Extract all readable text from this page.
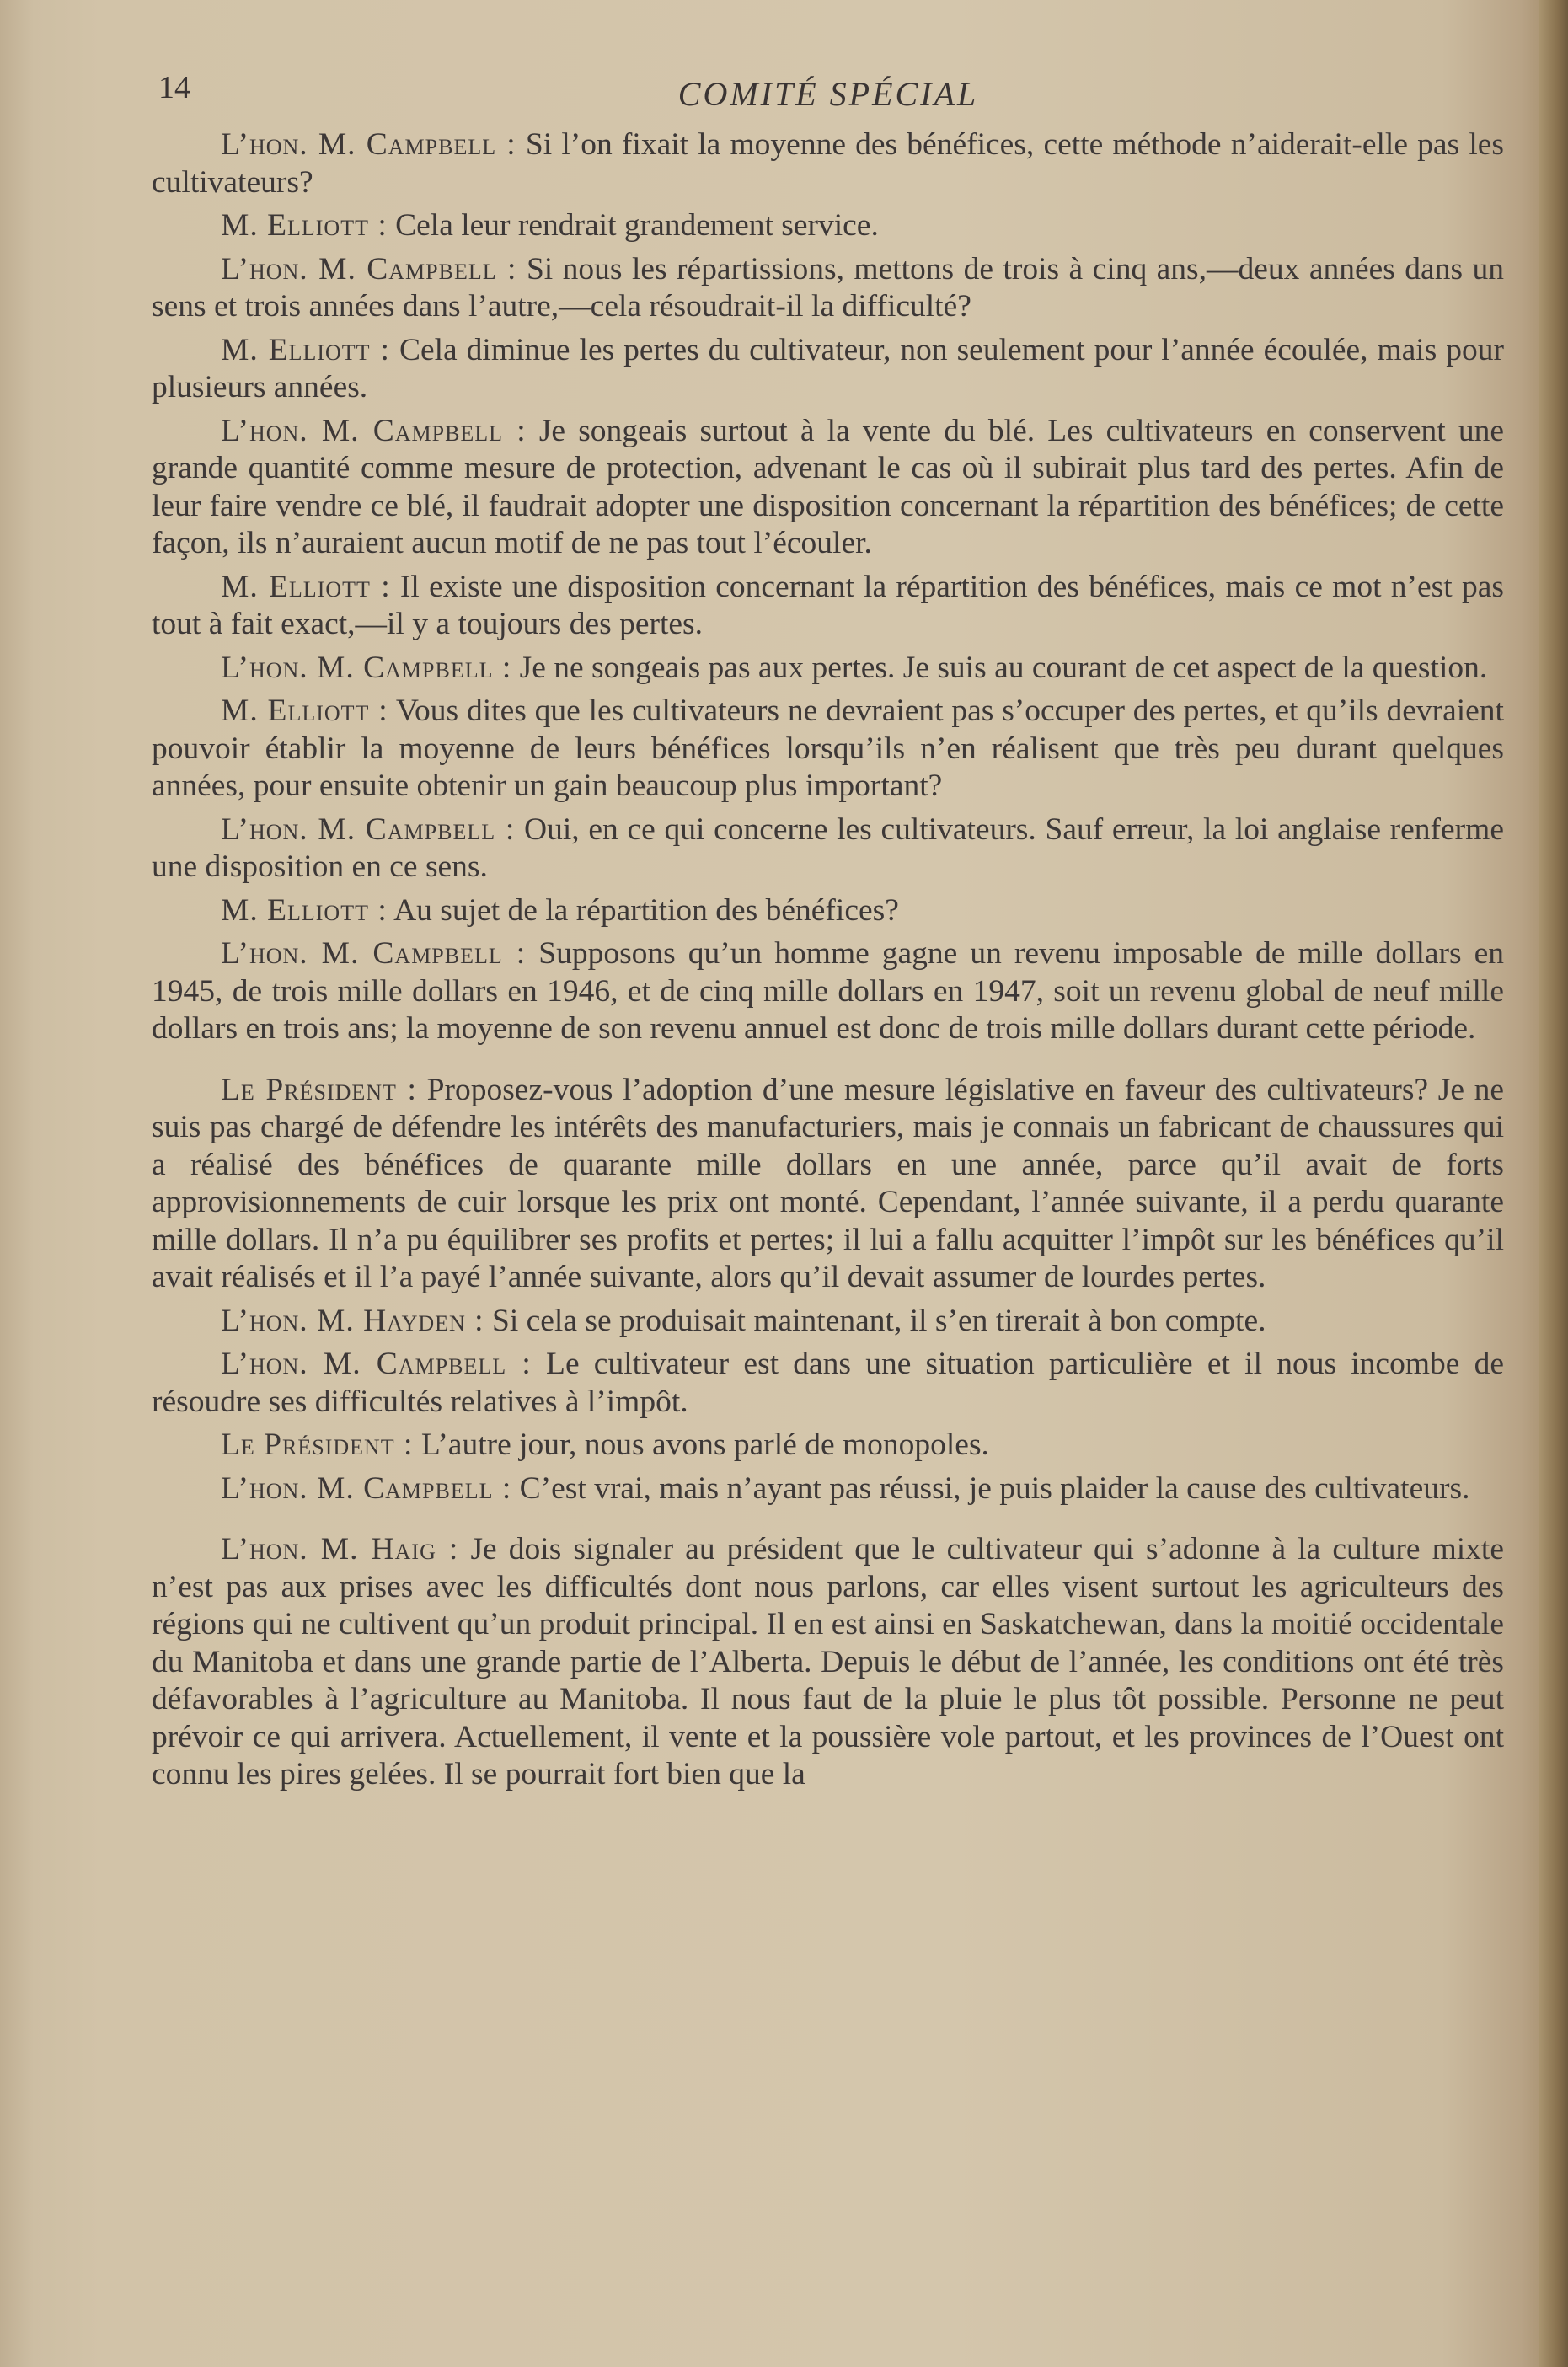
14	COMITÉ SPÉCIAL

L’hon. M. Campbell : Si l’on fixait la moyenne des bénéfices, cette méthode n’aiderait-elle pas les cultivateurs?

M. Elliott : Cela leur rendrait grandement service.

L’hon. M. Campbell : Si nous les répartissions, mettons de trois à cinq ans,—deux années dans un sens et trois années dans l’autre,—cela résoudrait-il la difficulté?

M. Elliott : Cela diminue les pertes du cultivateur, non seulement pour l’année écoulée, mais pour plusieurs années.

L’hon. M. Campbell : Je songeais surtout à la vente du blé. Les cultivateurs en conservent une grande quantité comme mesure de protection, advenant le cas où il subirait plus tard des pertes. Afin de leur faire vendre ce blé, il faudrait adopter une disposition concernant la répartition des bénéfices; de cette façon, ils n’auraient aucun motif de ne pas tout l’écouler.

M. Elliott : Il existe une disposition concernant la répartition des bénéfices, mais ce mot n’est pas tout à fait exact,—il y a toujours des pertes.

L’hon. M. Campbell : Je ne songeais pas aux pertes. Je suis au courant de cet aspect de la question.

M. Elliott : Vous dites que les cultivateurs ne devraient pas s’occuper des pertes, et qu’ils devraient pouvoir établir la moyenne de leurs bénéfices lorsqu’ils n’en réalisent que très peu durant quelques années, pour ensuite obtenir un gain beaucoup plus important?

L’hon. M. Campbell : Oui, en ce qui concerne les cultivateurs. Sauf erreur, la loi anglaise renferme une disposition en ce sens.

M. Elliott : Au sujet de la répartition des bénéfices?

L’hon. M. Campbell : Supposons qu’un homme gagne un revenu imposable de mille dollars en 1945, de trois mille dollars en 1946, et de cinq mille dollars en 1947, soit un revenu global de neuf mille dollars en trois ans; la moyenne de son revenu annuel est donc de trois mille dollars durant cette période.

Le Président : Proposez-vous l’adoption d’une mesure législative en faveur des cultivateurs? Je ne suis pas chargé de défendre les intérêts des manufacturiers, mais je connais un fabricant de chaussures qui a réalisé des bénéfices de quarante mille dollars en une année, parce qu’il avait de forts approvisionnements de cuir lorsque les prix ont monté. Cependant, l’année suivante, il a perdu quarante mille dollars. Il n’a pu équilibrer ses profits et pertes; il lui a fallu acquitter l’impôt sur les bénéfices qu’il avait réalisés et il l’a payé l’année suivante, alors qu’il devait assumer de lourdes pertes.

L’hon. M. Hayden : Si cela se produisait maintenant, il s’en tirerait à bon compte.

L’hon. M. Campbell : Le cultivateur est dans une situation particulière et il nous incombe de résoudre ses difficultés relatives à l’impôt.

Le Président : L’autre jour, nous avons parlé de monopoles.

L’hon. M. Campbell : C’est vrai, mais n’ayant pas réussi, je puis plaider la cause des cultivateurs.

L’hon. M. Haig : Je dois signaler au président que le cultivateur qui s’adonne à la culture mixte n’est pas aux prises avec les difficultés dont nous parlons, car elles visent surtout les agriculteurs des régions qui ne cultivent qu’un produit principal. Il en est ainsi en Saskatchewan, dans la moitié occidentale du Manitoba et dans une grande partie de l’Alberta. Depuis le début de l’année, les conditions ont été très défavorables à l’agriculture au Manitoba. Il nous faut de la pluie le plus tôt possible. Personne ne peut prévoir ce qui arrivera. Actuellement, il vente et la poussière vole partout, et les provinces de l’Ouest ont connu les pires gelées. Il se pourrait fort bien que la
